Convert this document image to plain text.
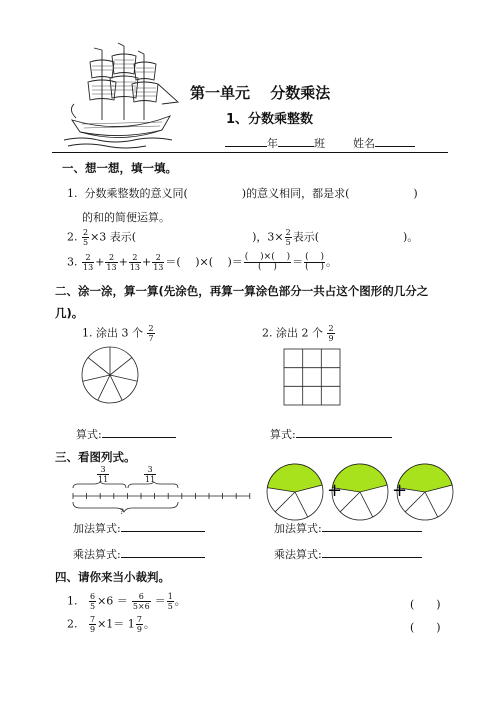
第一单元　 分数乘法
1、分数乘整数
年	班	姓名
一、想一想，填一填。
1. 分数乘整数的意义同(	)的意义相同，都是求(	)
的和的简便运算。
2. $\frac{2}{5} \times 3$ 表示(	)，$3\times \frac{2}{5}$ 表示(	)。
3. $\frac{2}{13} + \frac{2}{13} + \frac{2}{13} + \frac{2}{13}$ ＝(　 )×(　 )＝ $\frac{( )\times( )}{( )} = \frac{( )}{( )}$ 。
二、涂一涂，算一算(先涂色，再算一算涂色部分一共占这个图形的几分之
几)。
1. 涂出 3 个 $\frac{2}{7}$	2. 涂出 2 个 $\frac{2}{9}$
算式:	算式:
三、看图列式。
$\frac{3}{11}$	$\frac{3}{11}$
?
+	+
加法算式:
乘法算式:
加法算式:
乘法算式:
四、请你来当小裁判。
1. $\frac{6}{5} \times 6 = \frac{6}{5\times 6} = \frac{1}{5}$ 。	(　　)
2. $\frac{7}{9} \times 1= 1 \frac{7}{9}$ 。	(　　)
